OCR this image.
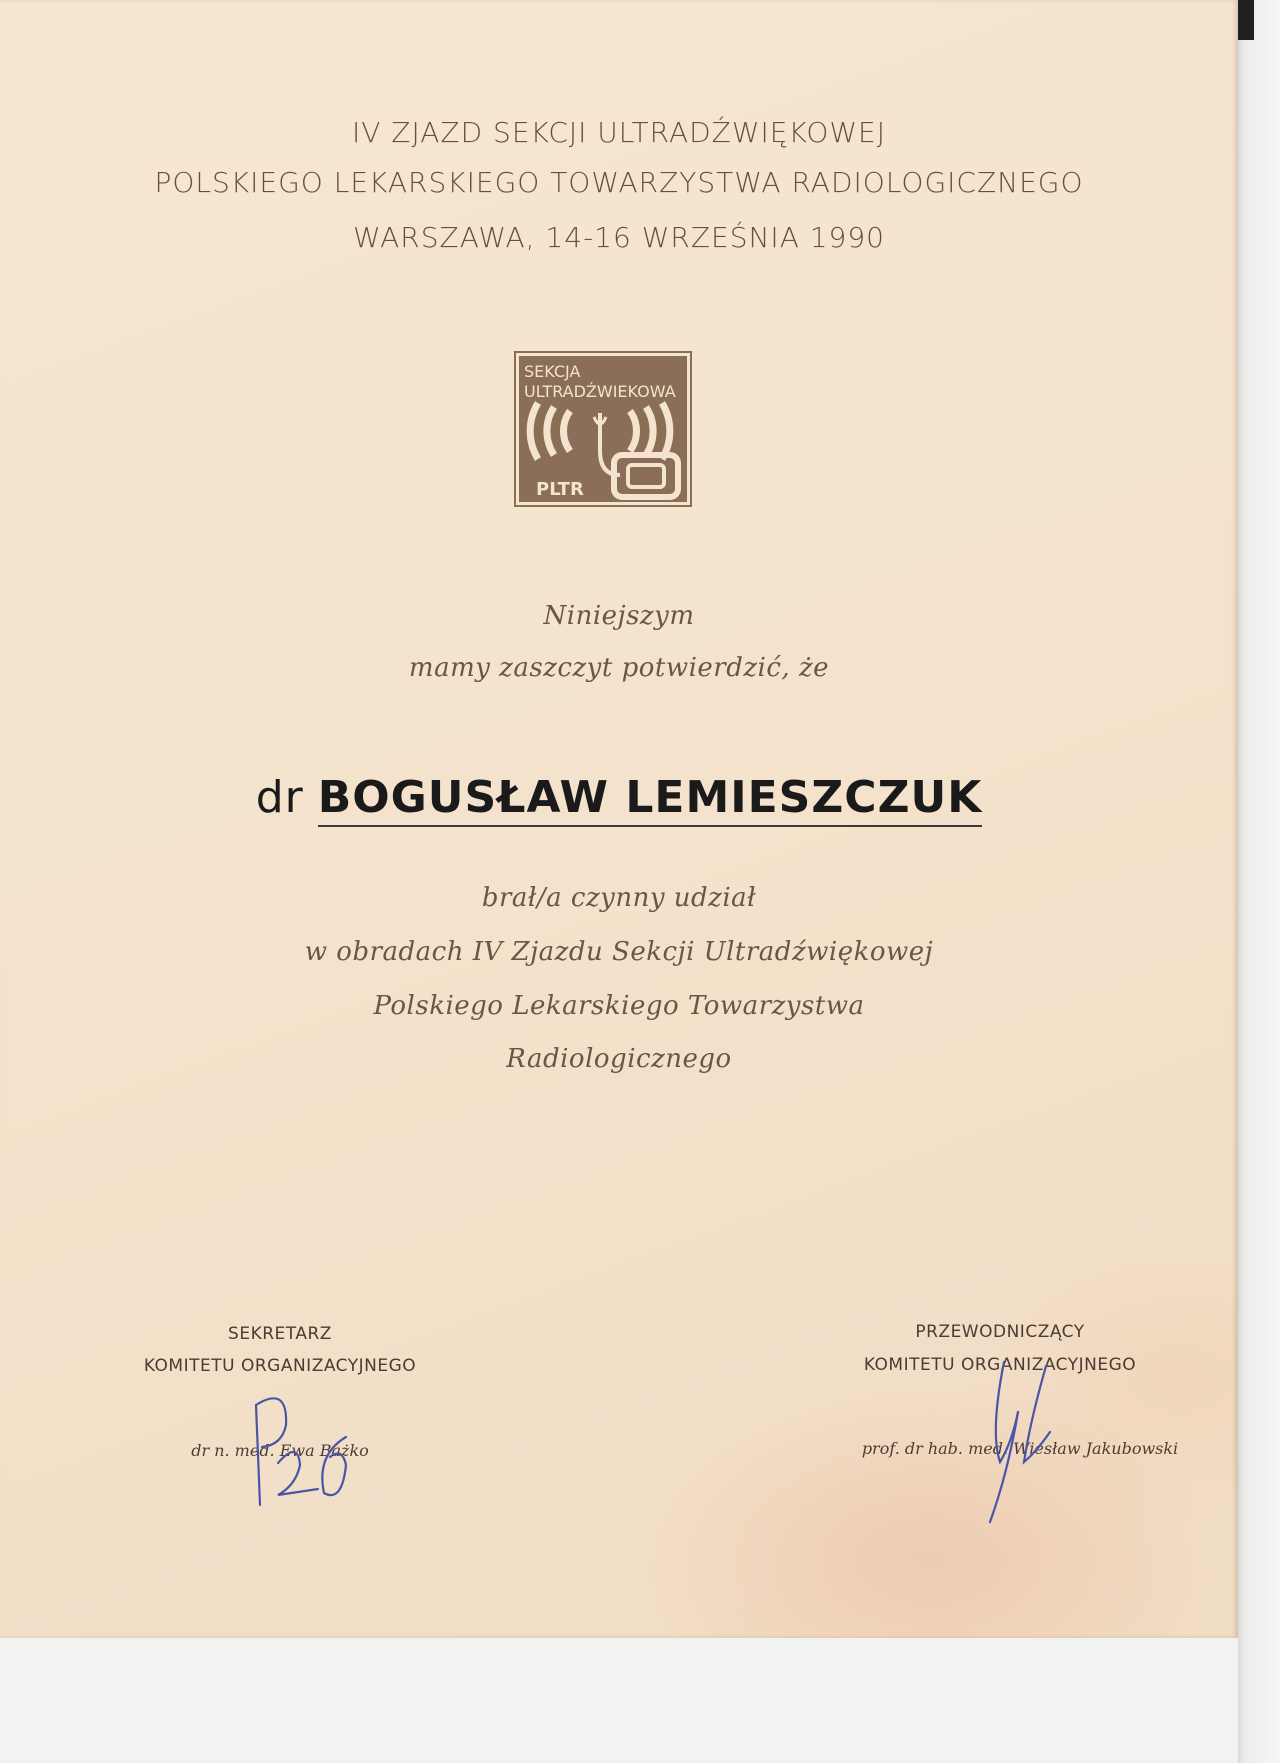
IV ZJAZD SEKCJI ULTRADŹWIĘKOWEJ
POLSKIEGO LEKARSKIEGO TOWARZYSTWA RADIOLOGICZNEGO
WARSZAWA, 14-16 WRZEŚNIA 1990
SEKCJA
ULTRADŹWIEKOWA
PLTR
Niniejszym
mamy zaszczyt potwierdzić, że
dr BOGUSŁAW LEMIESZCZUK
brał/a czynny udział
w obradach IV Zjazdu Sekcji Ultradźwiękowej
Polskiego Lekarskiego Towarzystwa
Radiologicznego
SEKRETARZ
KOMITETU ORGANIZACYJNEGO
dr n. med. Ewa Bażko
PRZEWODNICZĄCY
KOMITETU ORGANIZACYJNEGO
prof. dr hab. med. Wiesław Jakubowski
